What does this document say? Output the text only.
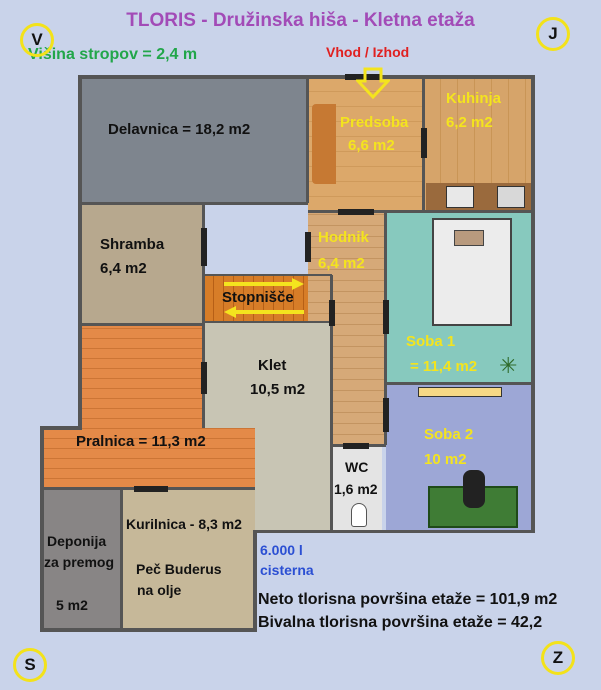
TLORIS - Družinska hiša - Kletna etaža
Višina stropov = 2,4 m	Vhod / Izhod
V	J
S	Z
✳
Delavnica = 18,2 m2	Predsoba
6,6 m2
Kuhinja
6,2 m2
Shramba
6,4 m2
Hodnik
6,4 m2
Stopnišče
Klet
10,5 m2
Soba 1
= 11,4 m2
Soba 2
10 m2
Pralnica = 11,3 m2
WC
1,6 m2
Deponija
za premog
5 m2
Kurilnica - 8,3 m2
Peč Buderus
na olje
6.000 l
cisterna
Neto tlorisna površina etaže = 101,9 m2
Bivalna tlorisna površina etaže = 42,2
